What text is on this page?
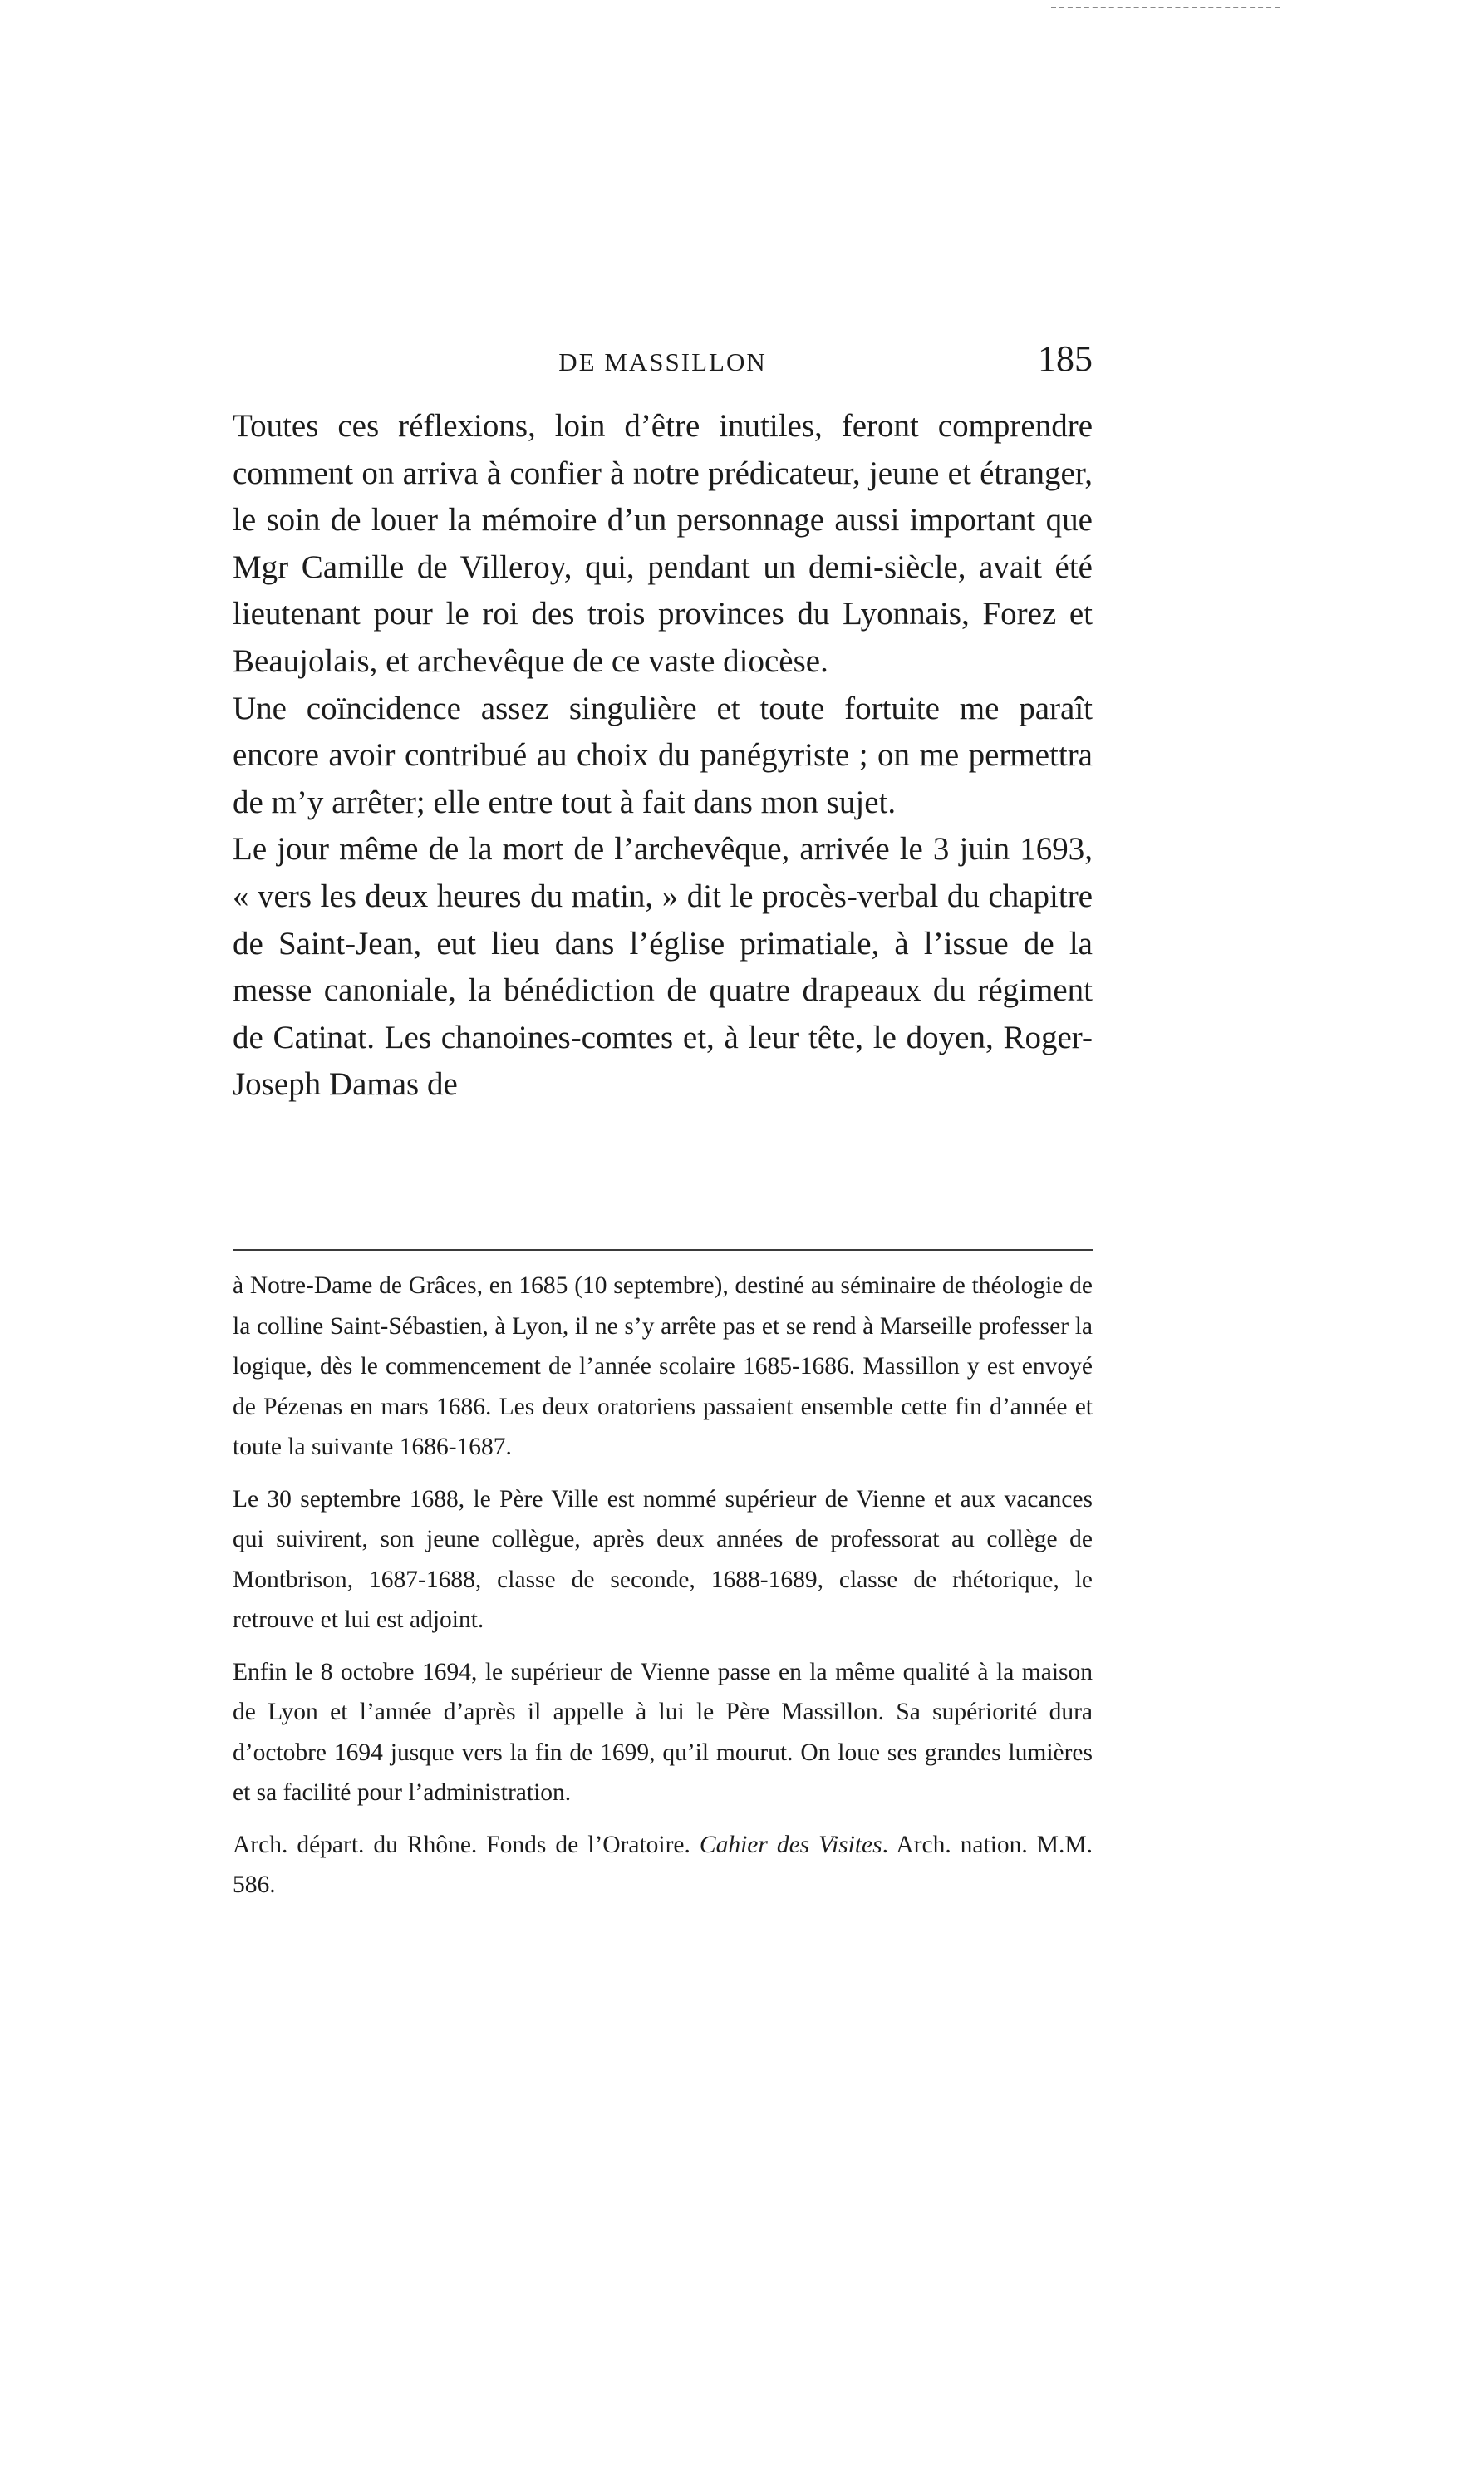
DE MASSILLON	185

Toutes ces réflexions, loin d’être inutiles, feront comprendre comment on arriva à confier à notre prédicateur, jeune et étranger, le soin de louer la mémoire d’un personnage aussi important que Mgr Camille de Villeroy, qui, pendant un demi-siècle, avait été lieutenant pour le roi des trois provinces du Lyonnais, Forez et Beaujolais, et archevêque de ce vaste diocèse.

Une coïncidence assez singulière et toute fortuite me paraît encore avoir contribué au choix du panégyriste ; on me permettra de m’y arrêter; elle entre tout à fait dans mon sujet.

Le jour même de la mort de l’archevêque, arrivée le 3 juin 1693, « vers les deux heures du matin, » dit le procès-verbal du chapitre de Saint-Jean, eut lieu dans l’église primatiale, à l’issue de la messe canoniale, la bénédiction de quatre drapeaux du régiment de Catinat. Les chanoines-comtes et, à leur tête, le doyen, Roger-Joseph Damas de

à Notre-Dame de Grâces, en 1685 (10 septembre), destiné au séminaire de théologie de la colline Saint-Sébastien, à Lyon, il ne s’y arrête pas et se rend à Marseille professer la logique, dès le commencement de l’année scolaire 1685-1686. Massillon y est envoyé de Pézenas en mars 1686. Les deux oratoriens passaient ensemble cette fin d’année et toute la suivante 1686-1687.

Le 30 septembre 1688, le Père Ville est nommé supérieur de Vienne et aux vacances qui suivirent, son jeune collègue, après deux années de professorat au collège de Montbrison, 1687-1688, classe de seconde, 1688-1689, classe de rhétorique, le retrouve et lui est adjoint.

Enfin le 8 octobre 1694, le supérieur de Vienne passe en la même qualité à la maison de Lyon et l’année d’après il appelle à lui le Père Massillon. Sa supériorité dura d’octobre 1694 jusque vers la fin de 1699, qu’il mourut. On loue ses grandes lumières et sa facilité pour l’administration.

Arch. départ. du Rhône. Fonds de l’Oratoire. Cahier des Visites. Arch. nation. M.M. 586.
